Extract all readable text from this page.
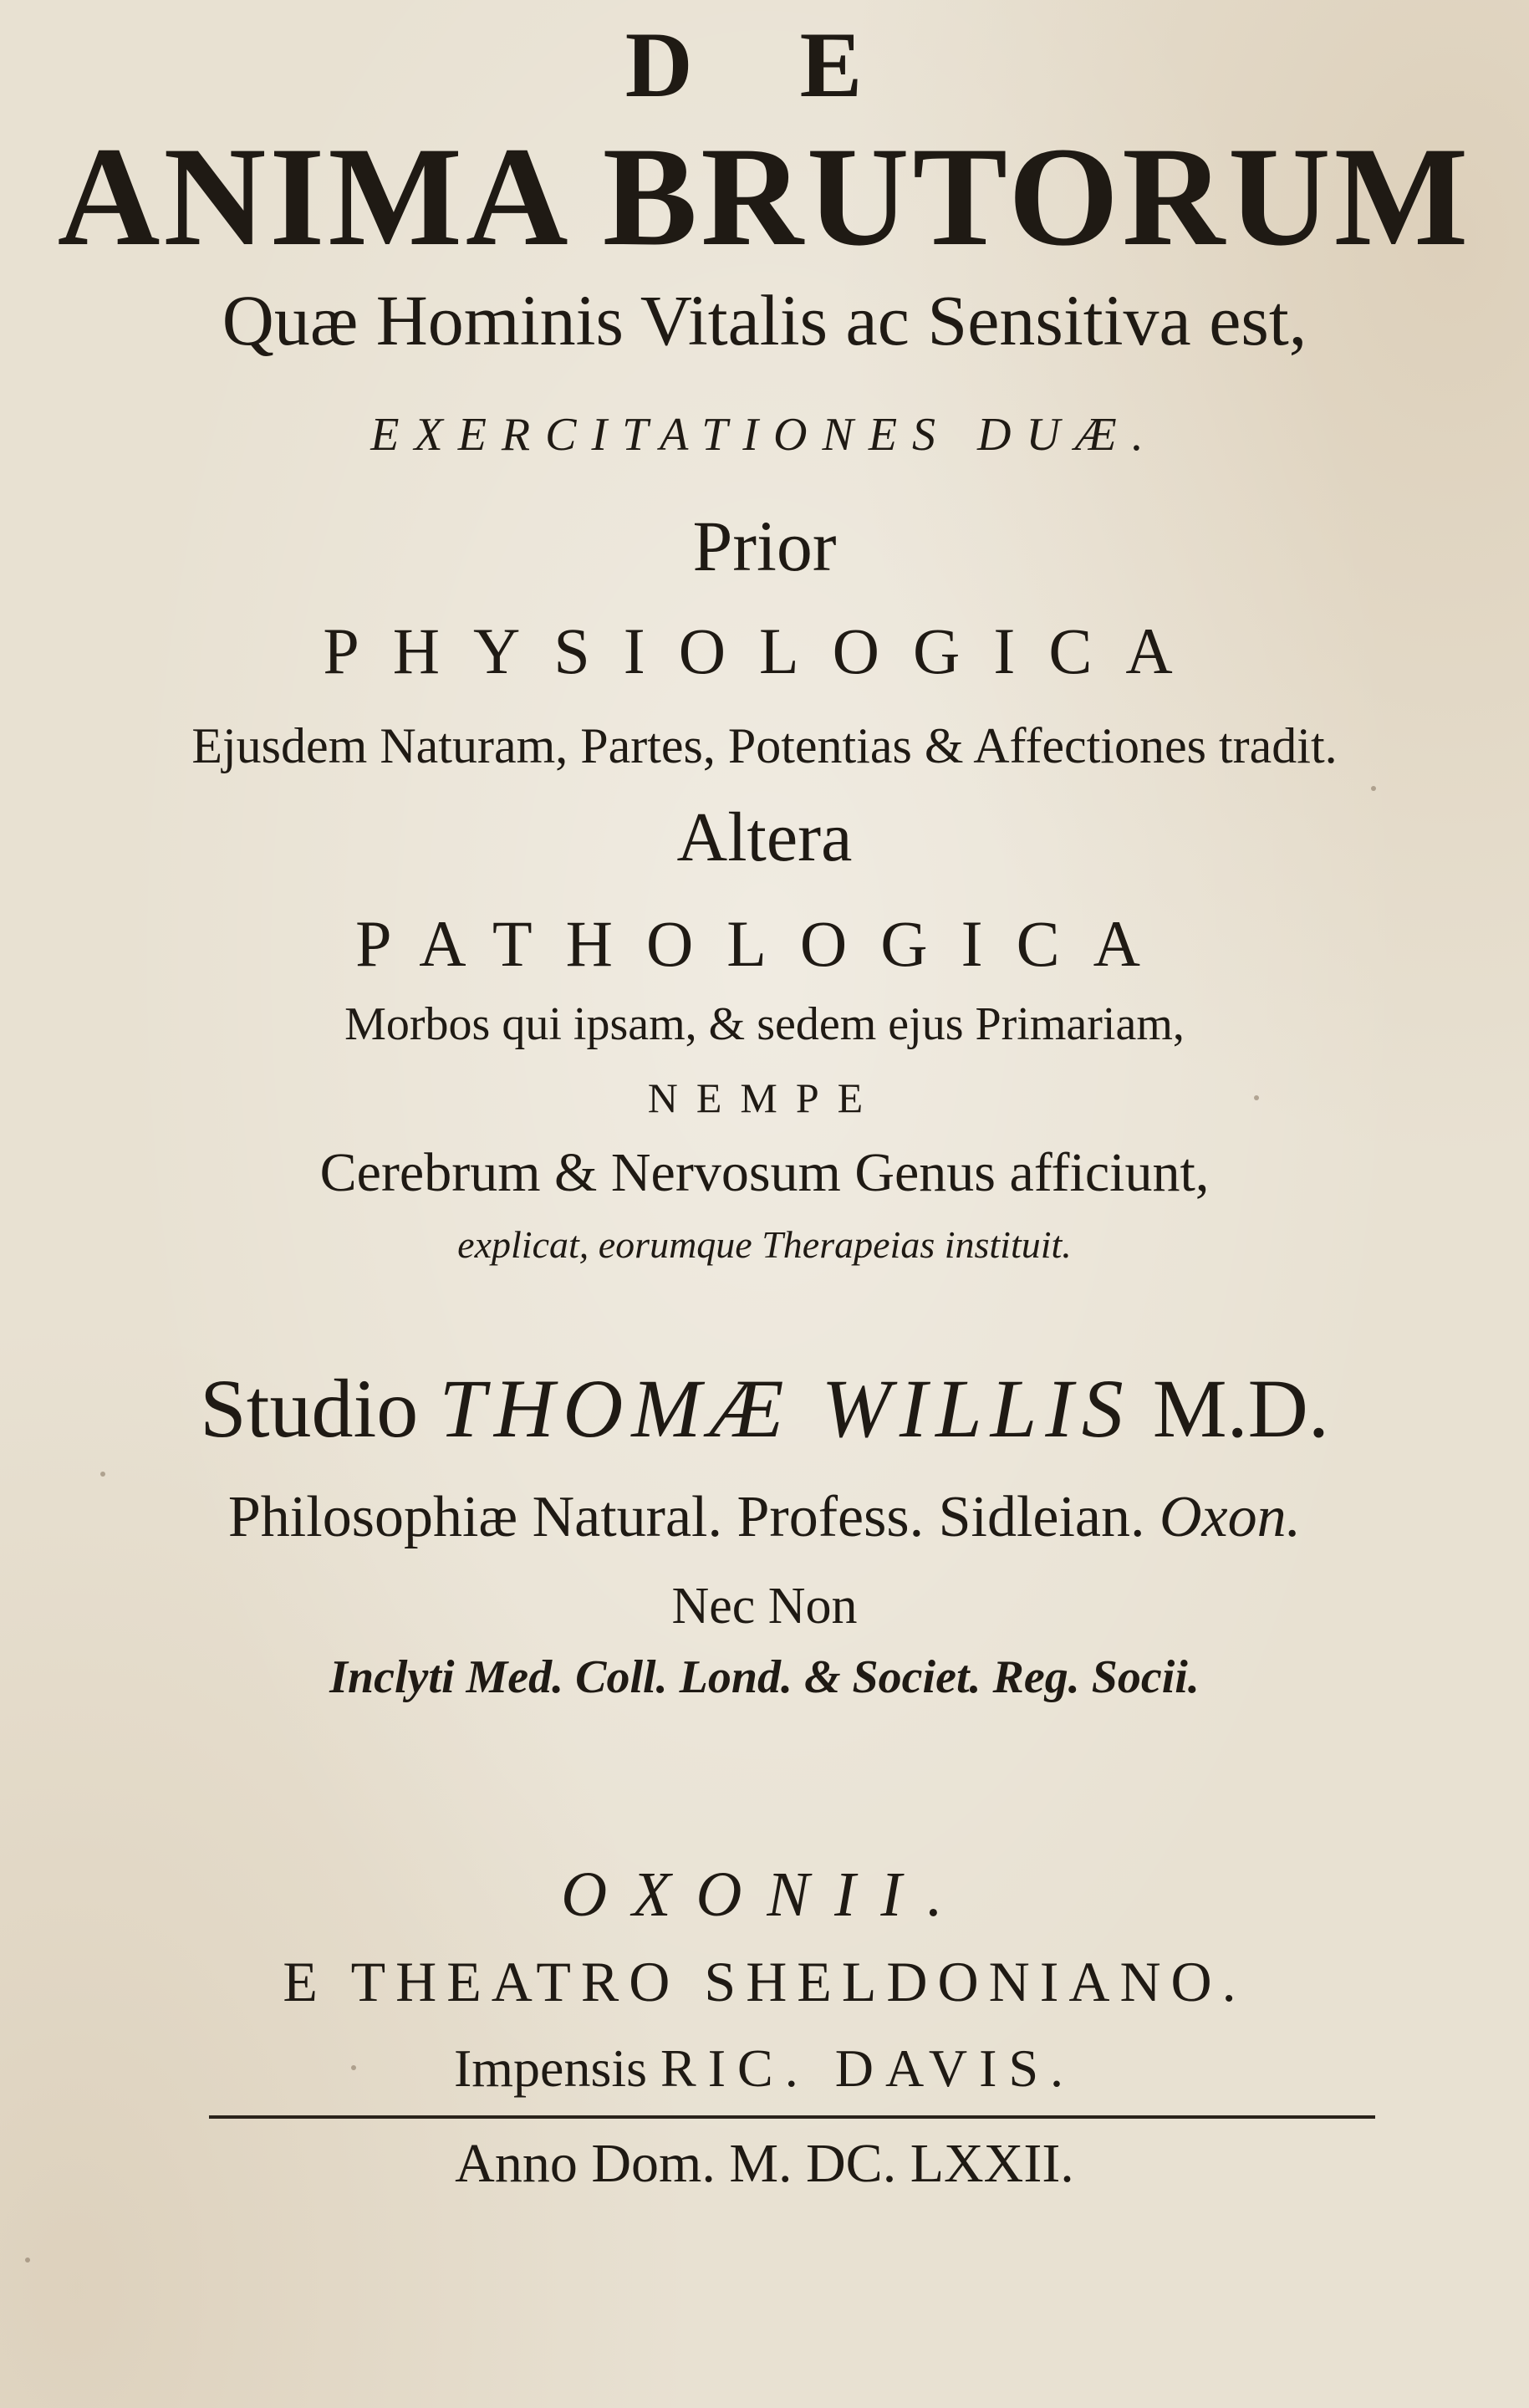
D E
ANIMA BRUTORUM
Quæ Hominis Vitalis ac Sensitiva est,
EXERCITATIONES DUÆ.
Prior
PHYSIOLOGICA
Ejusdem Naturam, Partes, Potentias & Affectiones tradit.
Altera
PATHOLOGICA
Morbos qui ipsam, & sedem ejus Primariam,
NEMPE
Cerebrum & Nervosum Genus afficiunt,
explicat, eorumque Therapeias instituit.
Studio THOMÆ WILLIS M.D.
Philosophiæ Natural. Profess. Sidleian. Oxon.
Nec Non
Inclyti Med. Coll. Lond. & Societ. Reg. Socii.
OXONII.
E THEATRO SHELDONIANO.
Impensis RIC. DAVIS.
Anno Dom. M. DC. LXXII.
